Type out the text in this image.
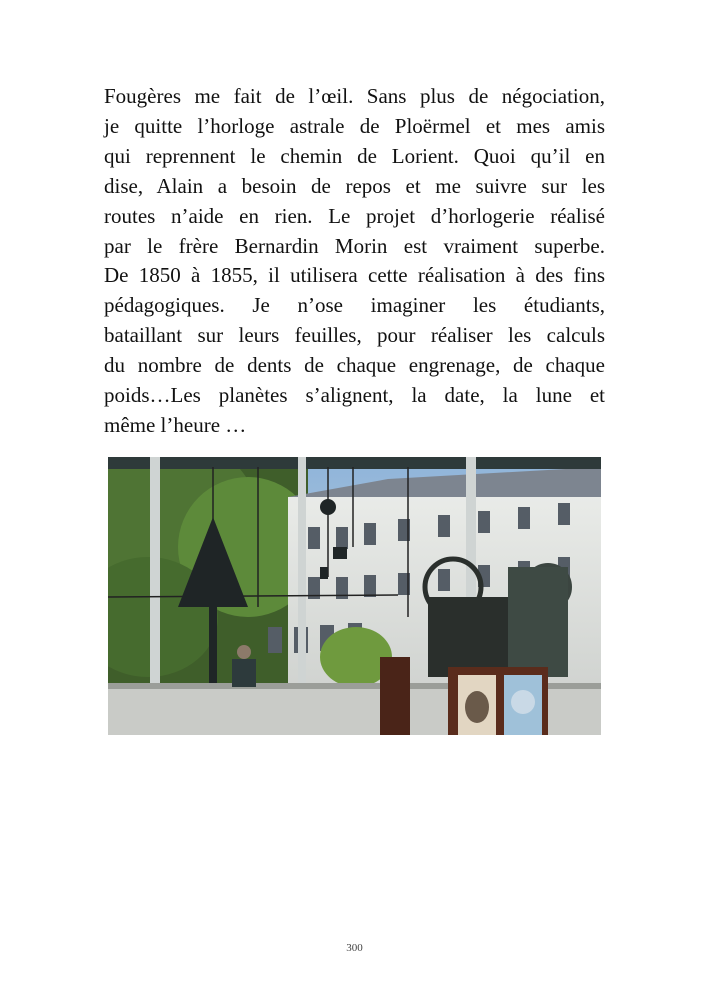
Fougères me fait de l’œil. Sans plus de négociation,
je quitte l’horloge astrale de Ploërmel et mes amis
qui reprennent le chemin de Lorient. Quoi qu’il en
dise, Alain a besoin de repos et me suivre sur les
routes n’aide en rien. Le projet d’horlogerie réalisé
par le frère Bernardin Morin est vraiment superbe.
De 1850 à 1855, il utilisera cette réalisation à des fins
pédagogiques. Je n’ose imaginer les étudiants,
bataillant sur leurs feuilles, pour réaliser les calculs
du nombre de dents de chaque engrenage, de chaque
poids…Les planètes s’alignent, la date, la lune et
même l’heure …
300
